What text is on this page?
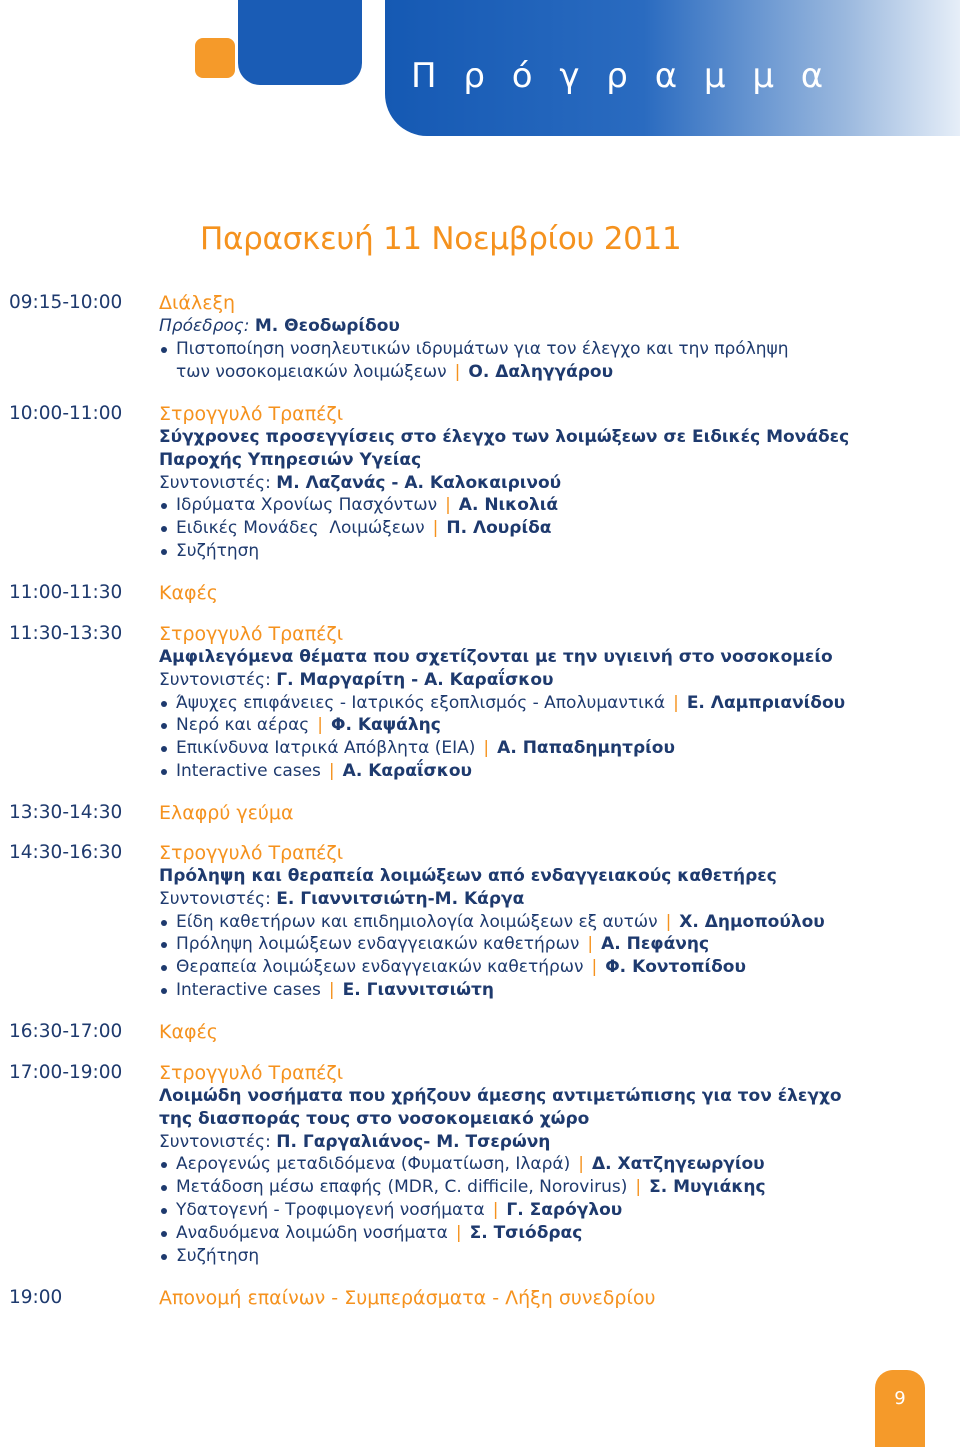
Π ρ ό γ ρ α μ μ α
Παρασκευή 11 Νοεμβρίου 2011
09:15-10:00 Διάλεξη
Πρόεδρος: Μ. Θεοδωρίδου
Πιστοποίηση νοσηλευτικών ιδρυμάτων για τον έλεγχο και την πρόληψη
των νοσοκομειακών λοιμώξεων | Ο. Δαληγγάρου
10:00-11:00 Στρογγυλό Τραπέζι
Σύγχρονες προσεγγίσεις στο έλεγχο των λοιμώξεων σε Ειδικές Μονάδες
Παροχής Υπηρεσιών Υγείας
Συντονιστές: Μ. Λαζανάς - Α. Καλοκαιρινού
Ιδρύματα Χρονίως Πασχόντων | Α. Νικολιά
Ειδικές Μονάδες  Λοιμώξεων | Π. Λουρίδα
Συζήτηση
11:00-11:30 Καφές
11:30-13:30 Στρογγυλό Τραπέζι
Αμφιλεγόμενα θέματα που σχετίζονται με την υγιεινή στο νοσοκομείο
Συντονιστές: Γ. Μαργαρίτη - Α. Καραΐσκου
Άψυχες επιφάνειες - Ιατρικός εξοπλισμός - Απολυμαντικά | Ε. Λαμπριανίδου
Νερό και αέρας | Φ. Καψάλης
Επικίνδυνα Ιατρικά Απόβλητα (ΕΙΑ) | Α. Παπαδημητρίου
Interactive cases | Α. Καραΐσκου
13:30-14:30 Ελαφρύ γεύμα
14:30-16:30 Στρογγυλό Τραπέζι
Πρόληψη και θεραπεία λοιμώξεων από ενδαγγειακούς καθετήρες
Συντονιστές: Ε. Γιαννιτσιώτη-Μ. Κάργα
Είδη καθετήρων και επιδημιολογία λοιμώξεων εξ αυτών | Χ. Δημοπούλου
Πρόληψη λοιμώξεων ενδαγγειακών καθετήρων | Α. Πεφάνης
Θεραπεία λοιμώξεων ενδαγγειακών καθετήρων | Φ. Κοντοπίδου
Interactive cases | Ε. Γιαννιτσιώτη
16:30-17:00 Καφές
17:00-19:00 Στρογγυλό Τραπέζι
Λοιμώδη νοσήματα που χρήζουν άμεσης αντιμετώπισης για τον έλεγχο
της διασποράς τους στο νοσοκομειακό χώρο
Συντονιστές: Π. Γαργαλιάνος- Μ. Τσερώνη
Αερογενώς μεταδιδόμενα (Φυματίωση, Ιλαρά) | Δ. Χατζηγεωργίου
Μετάδοση μέσω επαφής (MDR, C. difficile, Norovirus) | Σ. Μυγιάκης
Υδατογενή - Τροφιμογενή νοσήματα | Γ. Σαρόγλου
Αναδυόμενα λοιμώδη νοσήματα | Σ. Τσιόδρας
Συζήτηση
19:00	Απονομή επαίνων - Συμπεράσματα - Λήξη συνεδρίου
9
